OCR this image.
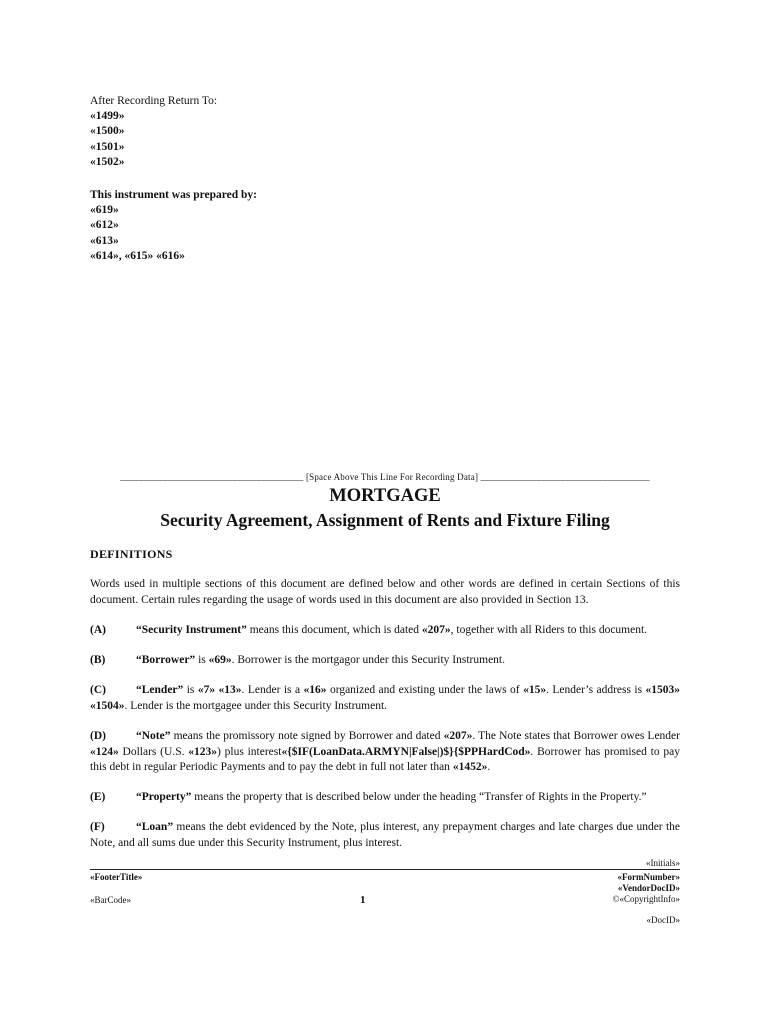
After Recording Return To:
«1499»
«1500»
«1501»
«1502»
This instrument was prepared by:
«619»
«612»
«613»
«614», «615» «616»
_______________________________________ [Space Above This Line For Recording Data] ____________________________________
MORTGAGE
Security Agreement, Assignment of Rents and Fixture Filing
DEFINITIONS
Words used in multiple sections of this document are defined below and other words are defined in certain Sections of this document. Certain rules regarding the usage of words used in this document are also provided in Section 13.
(A)	“Security Instrument” means this document, which is dated «207», together with all Riders to this document.
(B)	“Borrower” is «69». Borrower is the mortgagor under this Security Instrument.
(C)	“Lender” is «7» «13». Lender is a «16» organized and existing under the laws of «15». Lender’s address is «1503» «1504». Lender is the mortgagee under this Security Instrument.
(D)	“Note” means the promissory note signed by Borrower and dated «207». The Note states that Borrower owes Lender «124» Dollars (U.S. «123») plus interest«{$IF(LoanData.ARMYN|False|)$}{$PPHardCod». Borrower has promised to pay this debt in regular Periodic Payments and to pay the debt in full not later than «1452».
(E)	“Property” means the property that is described below under the heading “Transfer of Rights in the Property.”
(F)	“Loan” means the debt evidenced by the Note, plus interest, any prepayment charges and late charges due under the Note, and all sums due under this Security Instrument, plus interest.
«Initials»
«FooterTitle»	«FormNumber»
«VendorDocID»
«BarCode»	1	©«CopyrightInfo»
«DocID»
